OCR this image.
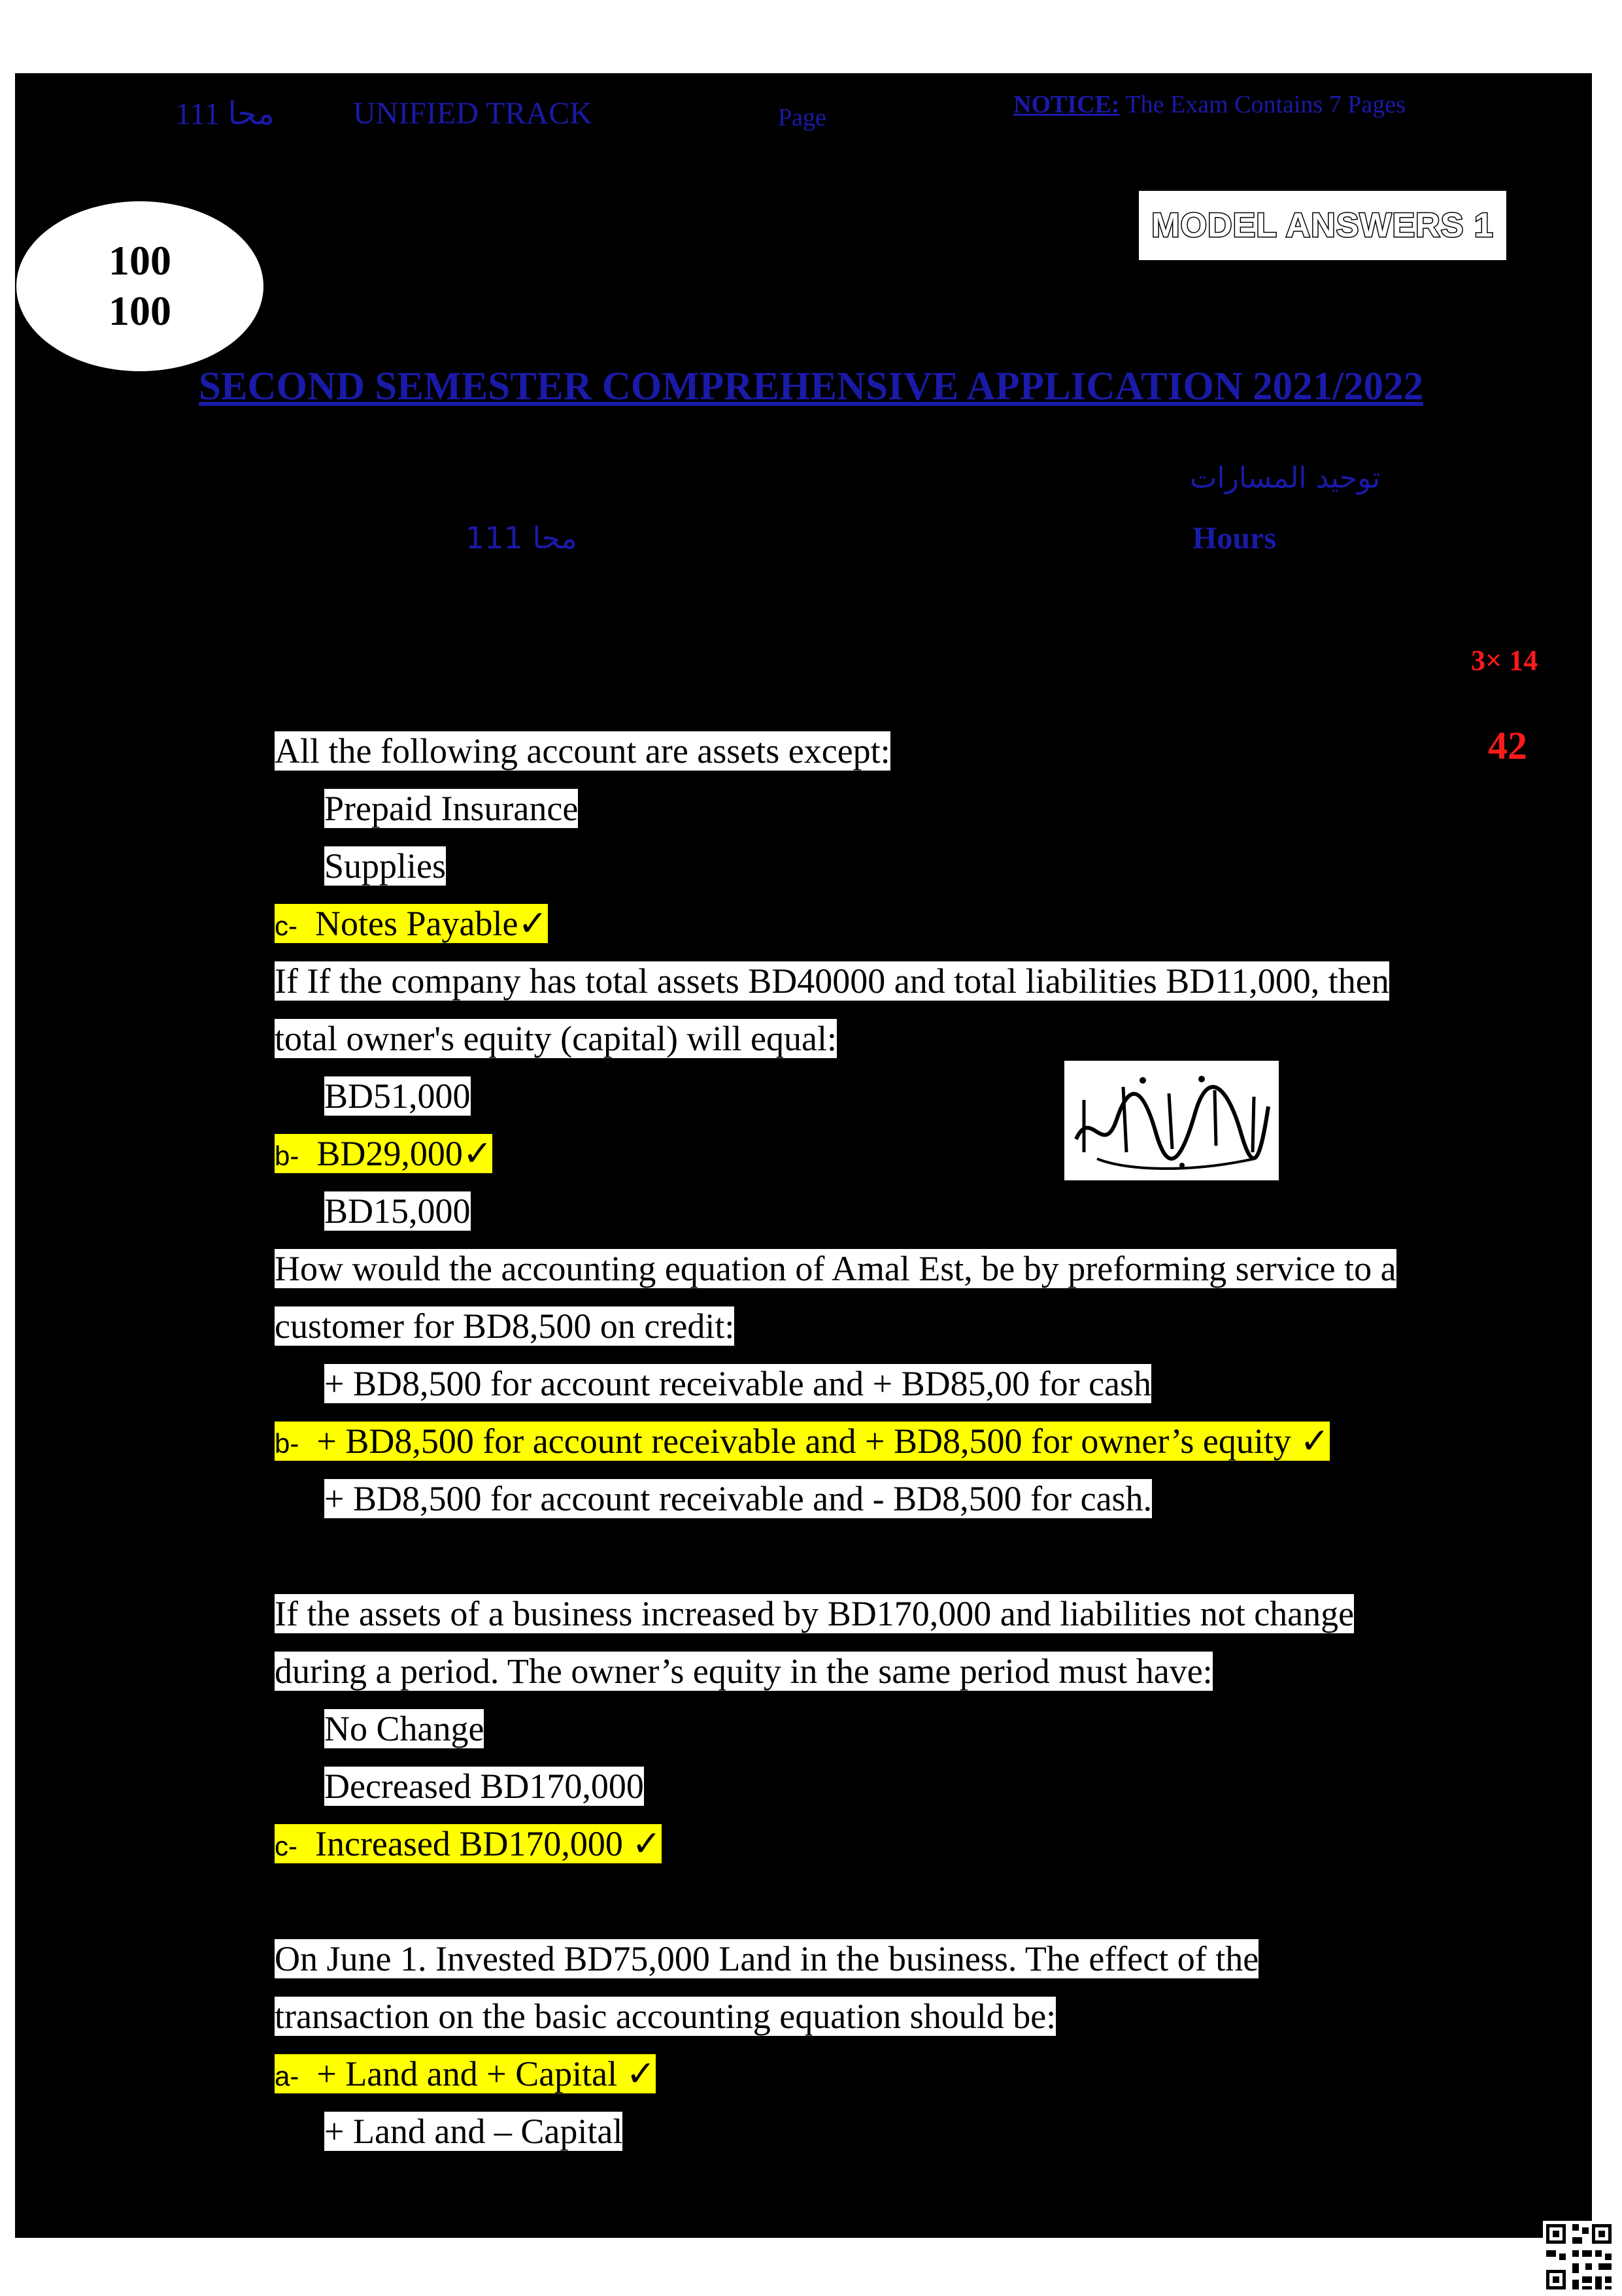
محا 111	UNIFIED TRACK	Page	NOTICE: The Exam Contains 7 Pages
MODEL ANSWERS 1
100
100
SECOND SEMESTER COMPREHENSIVE APPLICATION 2021/2022
توحيد المسارات
محا 111	Hours
3× 14
42
All the following account are assets except:
Prepaid Insurance
Supplies
c- Notes Payable✓
If If the company has total assets BD40000 and total liabilities BD11,000, then
total owner's equity (capital) will equal:
BD51,000
b- BD29,000✓
BD15,000
How would the accounting equation of Amal Est, be by preforming service to a
customer for BD8,500 on credit:
+ BD8,500 for account receivable and + BD85,00 for cash
b- + BD8,500 for account receivable and + BD8,500 for owner’s equity ✓
+ BD8,500 for account receivable and - BD8,500 for cash.
If the assets of a business increased by BD170,000 and liabilities not change
during a period. The owner’s equity in the same period must have:
No Change
Decreased BD170,000
c- Increased BD170,000 ✓
On June 1. Invested BD75,000 Land in the business. The effect of the
transaction on the basic accounting equation should be:
a- + Land and + Capital ✓
+ Land and – Capital
